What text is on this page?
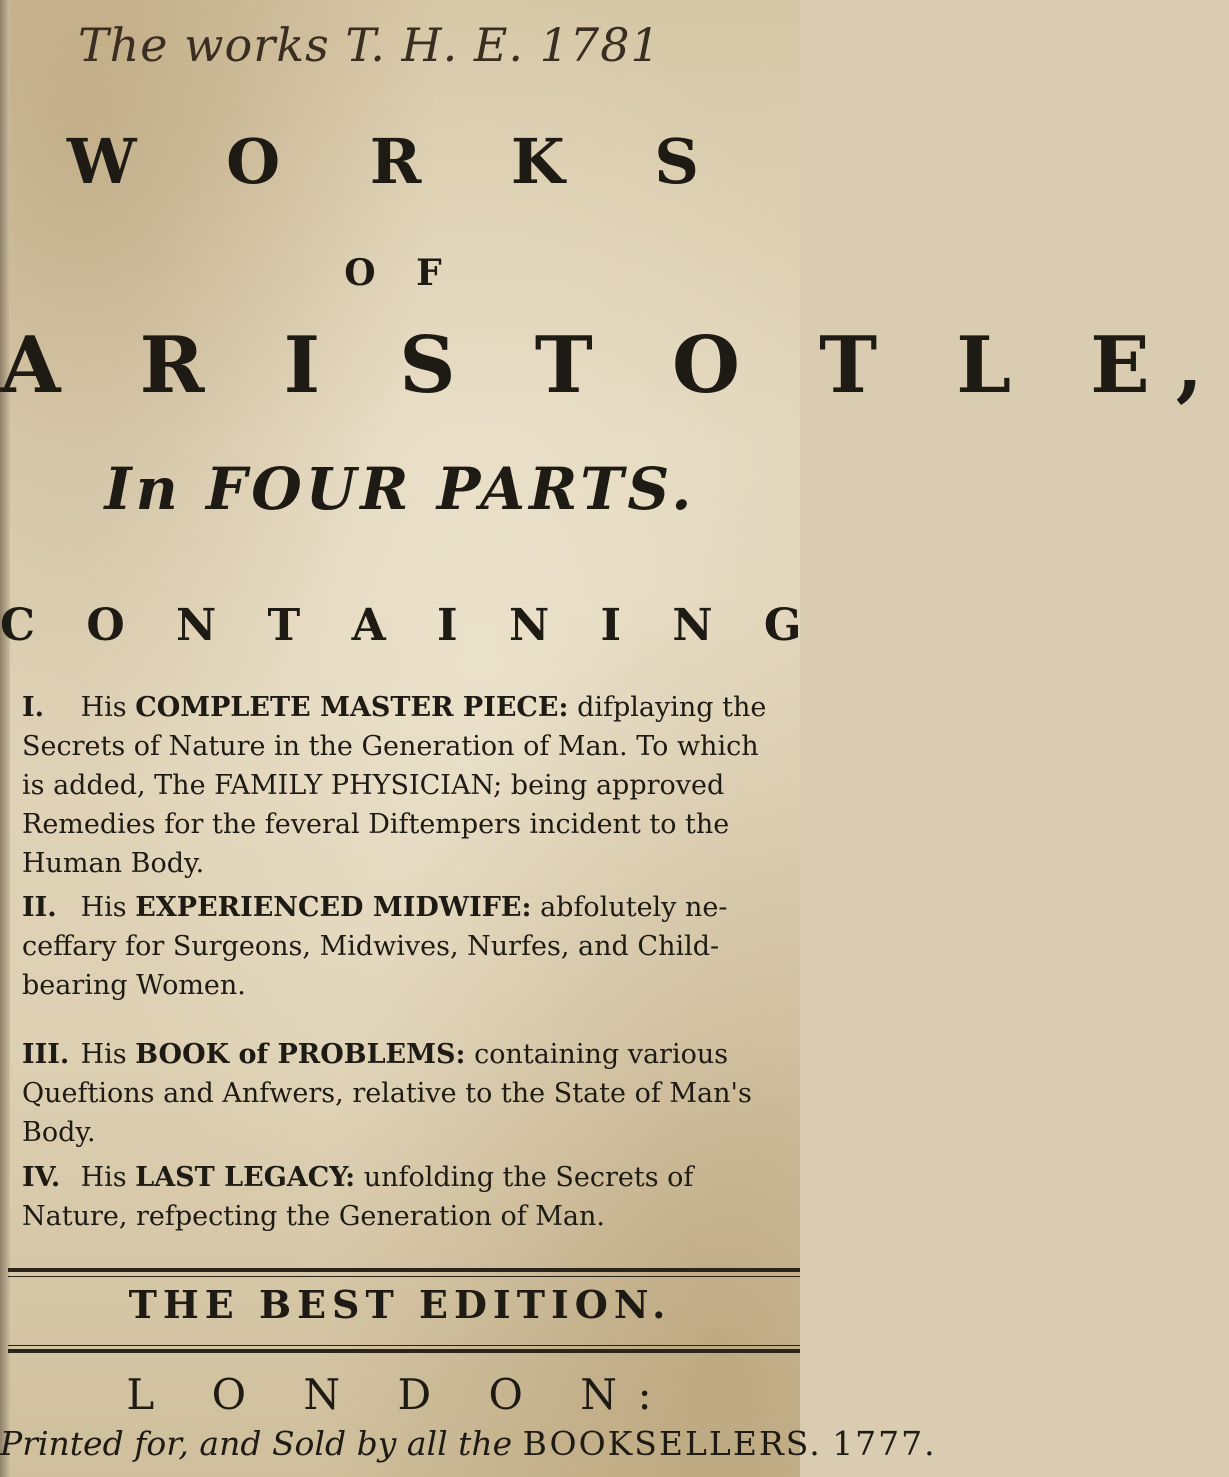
The works T. H. E. 1781
W O R K S
O F
A R I S T O T L E,
In FOUR PARTS.
C O N T A I N I N G
I. His COMPLETE MASTER PIECE: difplaying the Secrets of Nature in the Generation of Man. To which is added, The FAMILY PHYSICIAN; being approved Remedies for the feveral Diftempers incident to the Human Body.
II. His EXPERIENCED MIDWIFE: abfolutely ne-ceffary for Surgeons, Midwives, Nurfes, and Child-bearing Women.
III. His BOOK of PROBLEMS: containing various Queftions and Anfwers, relative to the State of Man's Body.
IV. His LAST LEGACY: unfolding the Secrets of Nature, refpecting the Generation of Man.
THE BEST EDITION.
L O N D O N:
Printed for, and Sold by all the BOOKSELLERS. 1777.
